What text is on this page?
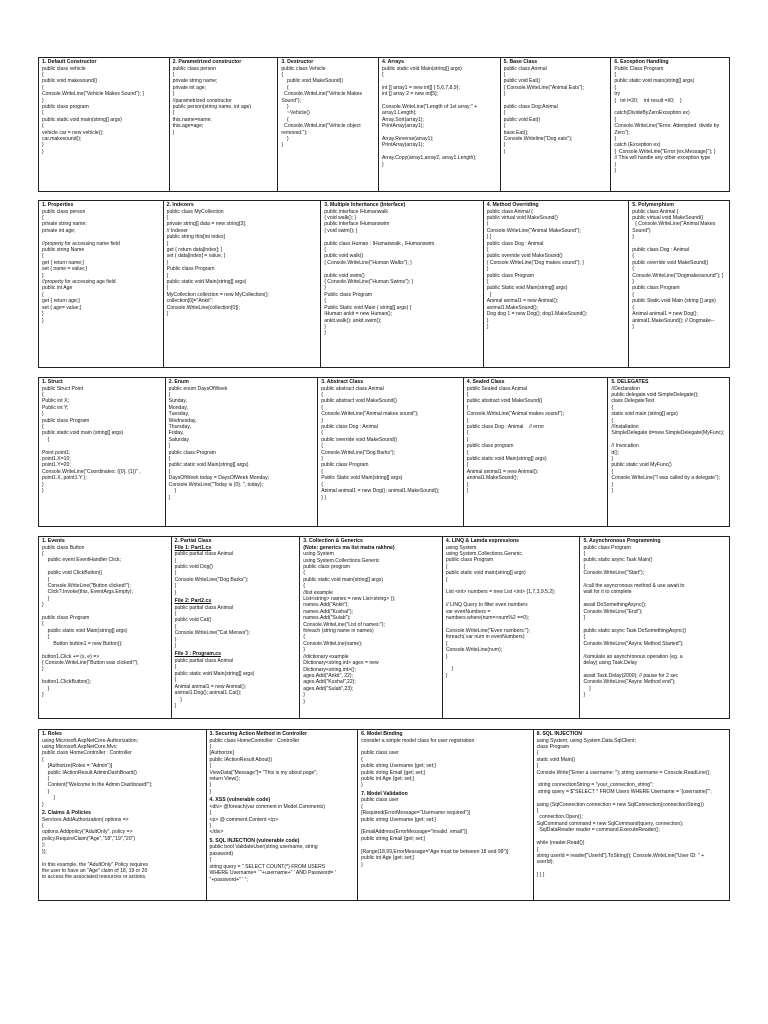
1. Default Constructor
public class vehicle
{
public void makesound()
{
Console.WriteLine("Vehicle Makes Sound"); }
}
public class program
{
public static void main(string[] args)
{
vehicle car = new vehicle();
car.makesound();
}
}
2. Parametrized constructor
public class person
{
private string name;
private int age;
}
//parametrized constructor
public person(string name, int age)
{
this.name=name;
this.age=age;
}
3. Destructor
public class Vehicle
{
public void MakeSound()
{
Console.WriteLine("Vehicle Makes Sound");
}
~Vehicle()
{
Console.WriteLine("Vehicle object removed.");
}
}
4. Arrays
public static void Main(string[] args)
{

int [] array1 = new int[] { 5,6,7,8,9};
int [] array 2 = new int[5];

Console.WriteLine("Length of 1st array:" + array1.Length);
Array.Sort(array1);
PrintArray(array1);

Array.Reverse(array1);
PrintArray(array1);

Array.Copy(array1,array2, array1.Length);
}
5. Base Class
public class Animal
{
public void Eat()
{ Console.WriteLine("Animal Eats");
}

public class Dog:Animal
{
public void Eat()
{
base.Eat();
Console.Writeline("Dog eats");
}
}
6. Exception Handling
Public Class Program
{
public static void main(string[] args)
{
try
{   int i=20;    int result =i/0;    }

catch(DivideByZeroException ex)
{
Console.WriteLine("Error. Attempted  divide by Zero");
}
catch (Exception ex)
{  Console.WriteLine("Error:{ex.Message}"); }
// This will handle any other exception type
}
}
1. Properties
public class person
{
private string name;
private int age;

//property for accessing name field
public string Name
{
get { return name;}
set { name = value;}
}
//property for accessing age field
public int Age
{
get { return age;}
set { age= value;}
}
}
2. Indexers
public class MyCollection
{
private string[] data = new string[3];
// Indexer
public string this[int index]
{
get { return data[index]; }
set { data[index] = value; }
}
Public class Program
{
public static void Main(string[] args)
{
MyCollection collection = new MyCollection();
collection[0]="Ankit";
Console.WriteLine(collection[0]);
}
3. Multiple Inheritance (Interface)
public interface IHumanwalk
{ void walk(); }
public interface IHumanswim
{ void swim(); }

public class Human : IHumanwalk , IHumanswim
{
public void walk()
{ Console.WriteLine("Human Walks"); }

public void swim()
{ Console.WriteLine("Human Swims"); }
}
Public class Program
{
Public Static void Main ( string[] args) {
IHuman ankit = new Human();
ankit.walk(); ankit.swim();
}
}
4. Method Overriding
public class Animal {
public virtual void MakeSound()
{
Console.WriteLine("Animal MakeSound");
} }
public class Dog : Animal
{
public override void MakeSound()
{ Console.WriteLine("Dog makes sound"); }
}
public class Program
{
public Static void Main(string[] args)
{
Animal animal1 = new Animal();
animal1.MakeSound();
Dog dog 1 = new Dog(); dog1.MakeSound();
}
}
5. Polymerphism
public class Animal {
public virtual void MakeSound()
{ Console.WriteLine("Animal Makes Sound")
}

public class Dog : Animal
{
public override void MakeSound()
{
Console.WriteLine("Dogmakessound"); }
}
public class Program
{
public Static void Main (string [] args)
{
Animal animal1 = new Dog();
animal1.MakeSound(); // Dogmake--
}
1. Struct
public Struct Point
{
Public int X;
Public int Y;
}
public class Program
{
public static void main (string[] args)
{

Point point1;
point1.X=10;
point1.Y=20;
Console.WriteLine("Coordinates: ({0}, {1})" ,
point1.X, point1.Y );
}
}
2. Enum
public enum DaysOfWeek
{
Sunday,
Monday,
Tuesday,
Wednesday,
Thursday,
Friday,
Saturday
}
public class Program
{
public static void Main(string[] args)
{
DaysOfWeek today = DaysOfWeek Monday;
Console.WriteLine("Today is {0}. ", today);
}
}
3. Abstract Class
public abstract class Animal
{
public abstract void MakeSound()
{
Console.WriteLine("Animal makes sound");
}
public class Dog : Animal
{
public override void MakeSound()
{
Console.WriteLine("Dog Barks");
}
public class Program
{
Public Static void Main(string[] args)
{
Animal animal1 = new Dog(); animal1.MakeSound();
} }
4. Sealed Class
public Sealed class Animal
{
public abstract void MakeSound()
{
Console.WriteLine("Animal makes sound");
}
public class Dog : Animal    // error
{
}
public class program
{
public static void Main(string[] args)
{
Animal animal1 = new Animal();
animal1.MakeSound();
}
}
5. DELEGATES
//Declaration
public delegate void SimpleDelegate();
class DelegateTest
{
static void main (string[] args)
{
//Installation
SimpleDelegate d=new SimpleDelegate(MyFunc);

// Invocation
d();
}
public static void MyFunc()
{
Console.WriteLine("I was called by a delegate");
}
}
1. Events
public class Button
{
public event EventHandler Click;

public void ClickButton()
{
Console.WriteLine("Button clicked!");
Click?.Invoke(this, EventArgs.Empty);
}
}

public class Program
{
public static void Main(string[] args)
{
Button button1 = new Button();

button1.Click += (s, e) =>
{ Console.WriteLine("Button was clicked!");
}

button1.ClickButton();
}
}
2. Partial Class
File 1: Part1.cs
public partial class Animal
{
public void Dog()
{
Console.WriteLine("Dog Barks");
}
}
File 2: Part2.cs
public partial class Animal
{
public void Cat()
{
Console.WriteLine("Cat Meows");
}
}
File 3 : Program.cs
public partial class Animal
{
public static void Main(string[] args)
{
Animal animal1 = new Animal();
animal1.Dog(); animal1.Cat();
}
}
3. Collection & Generics
(Note: generics ma list matra rakhne)
using System
using System.Collections.Generic
public class program
{
public static void main(string[] args)
{
//list example
List<string> names = new List<string> ();
names.Add("Ankit");
names.Add("Kushal");
names.Add("Sulab");
Console.WriteLine("List of names:");
foreach (string name in names)
{
Console.WriteLine(name);
}
//dictionary example
Dictionary<string,int> ages = new
Dictionary<string,int>();
ages.Add("Ankit", 22);
ages.Add("Kushal",22);
ages.Add("Sulab",23);
}
}
4. LINQ & Lamda expressions
using System
using System.Collections.Generic
public class Program
{
public static void main(string[] args)
{

List <int> numbers = new List <int> {1,7,3,9,5,2};

// LINQ Query to filter even numbers
var evenNumbers =
numbers.where(num=>num%2 ==0);

Console.WriteLine("Even numbers:");
foreach( var num in evenNumbers)
{
Console.WriteLine(num);
}

}
}
5. Asynchronous Programming
public class Program
{
public static async Task Main()
{
Console.WriteLine("Start");

//call the asyncronous method & use await to
wait for it to complete

await DoSomethingAsync();
Console.WriteLine("End");
}

public static async Task DoSomethingAsync()
{
Console.WriteLine("Async Method Started");

//simulate an asynchronous operation (eg. a
delay) using Task.Delay

await Task.Delay(2000); // pause for 2 sec
Console.WriteLine("Async Method end");
}
}
1. Roles
using Microsoft.AspNetCore.Authorization;
using Microsoft.AspNetCore.Mvc;
public class HomeController : Controller
{
[Authorize(Roles = "Admin")]
public IActionResult AdminDashBoard()
{
Content("Welcome to the Admin Dashboard!");
}
}
}
2. Claims & Policies
Services.AddAuthorization( options =>
{
options.Addpolicy("AdultOnly", policy =>
policy.RequireClaim("Age","18","19","20")
);
});

In this example, the "AdultOnly" Policy requires
the user to have an "Age" claim of 18, 19 or 20
to access the associated resources or actions.
3. Securing Action Method in Controller
public class HomeController : Controller
{
[Authorize]
public IActionResult About()
{
ViewData["Message"]= "This is my about page";
return View();
}
}
4. XSS (vulnerable code)
<div> @foreach(var comment in Model.Comments)
{
<p> @ comment.Content </p>
}
</div>
5. SQL INJECTION (vulnerable code)
public bool ValidateUser(string username, string
password)
{
string query = " SELECT COUNT(*) FROM USERS
WHERE Username= ' "+username+" ' AND Password= '
"+password+" ' ";
6. Model Binding
consider a simple model class for user registration

public class user
{
public string Username {get; set;}
public string Email {get; set;}
public int Age {get; set;}
}
7. Model Validation
public class user
{
[Required(ErrorMessage="Username required")]
public string Username {get; set;}

[EmailAddress(ErrorMessage="Invalid  email")]
public string Email {get; set;}

[Range(18,99,ErrorMessage="Age must be between 18 and 99")]
public int Age {get; set;}
}
8. SQL INJECTION
using System; using System.Data.SqlClient;
class Program
{
static void Main()
{
Console.Write("Enter a username: "); string username = Console.ReadLine();

string connectionString = "your_connection_string";
string query = $"SELECT * FROM Users WHERE Username = '{username}'";

using (SqlConnection connection = new SqlConnection(connectionString))
{
connection.Open();
SqlCommand command = new SqlCommand(query, connection);
SqlDataReader reader = command.ExecuteReader();

while (reader.Read())
{
string userId = reader["UserId"].ToString(); Console.WriteLine("User ID: " +
userId);

} } }
